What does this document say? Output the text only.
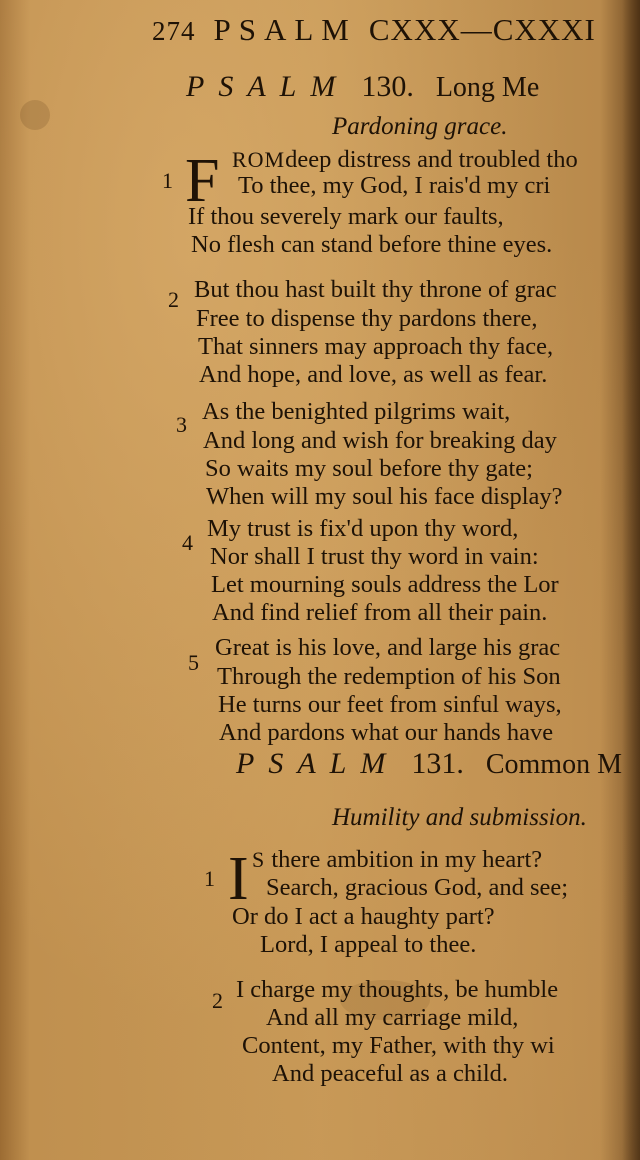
274 PSALM CXXX—CXXXI
PSALM 130. Long Me
Pardoning grace.
1 F ROMdeep distress and troubled tho
To thee, my God, I rais'd my cri
If thou severely mark our faults,
No flesh can stand before thine eyes.
2 But thou hast built thy throne of grac
Free to dispense thy pardons there,
That sinners may approach thy face,
And hope, and love, as well as fear.
3 As the benighted pilgrims wait,
And long and wish for breaking day
So waits my soul before thy gate;
When will my soul his face display?
4
My trust is fix'd upon thy word,
Nor shall I trust thy word in vain:
Let mourning souls address the Lor
And find relief from all their pain.
5
Great is his love, and large his grac
Through the redemption of his Son
He turns our feet from sinful ways,
And pardons what our hands have
PSALM 131. Common M
Humility and submission.
1 I S there ambition in my heart?
Search, gracious God, and see;
Or do I act a haughty part?
Lord, I appeal to thee.
2 I charge my thoughts, be humble
And all my carriage mild,
Content, my Father, with thy wi
And peaceful as a child.
